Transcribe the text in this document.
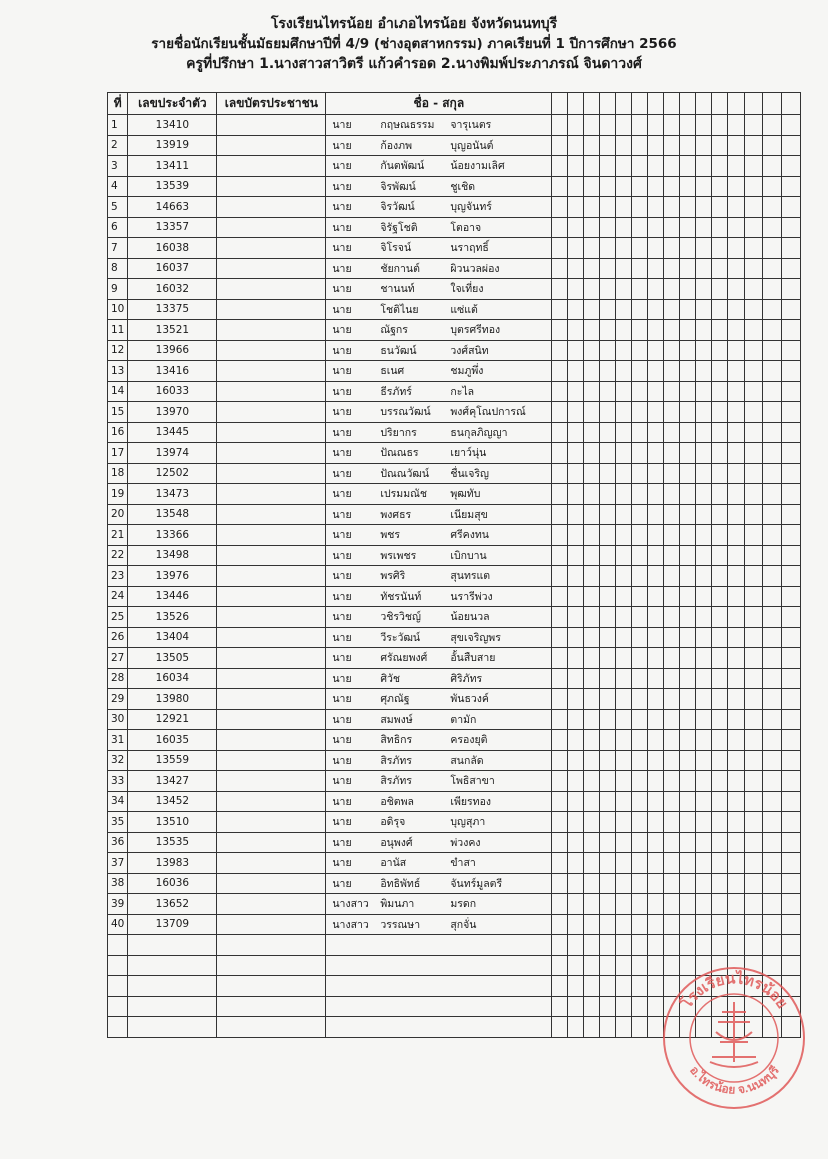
โรงเรียนไทรน้อย อำเภอไทรน้อย จังหวัดนนทบุรี
รายชื่อนักเรียนชั้นมัธยมศึกษาปีที่ 4/9 (ช่างอุตสาหกรรม) ภาคเรียนที่ 1 ปีการศึกษา 2566
ครูที่ปรึกษา 1.นางสาวสาวิตรี แก้วคำรอด 2.นางพิมพ์ประภาภรณ์ จินดาวงศ์
ที่	เลขประจำตัว	เลขบัตรประชาชน	ชื่อ - สกุล															
1	13410		นาย กฤษณธรรม จารุเนตร															

2	13919		นาย ก้องภพ บุญอนันต์															

3	13411		นาย กันตพัฒน์ น้อยงามเลิศ															

4	13539		นาย จิรพัฒน์ ชูเชิด															

5	14663		นาย จิรวัฒน์ บุญจันทร์															

6	13357		นาย จิรัฐโชติ โตอาจ															

7	16038		นาย จิโรจน์ นราฤทธิ์															

8	16037		นาย ชัยกานต์ ผิวนวลผ่อง															

9	16032		นาย ชานนท์ ใจเที่ยง															

10	13375		นาย โชติไนย แซ่แต้															

11	13521		นาย ณัฐกร บุตรศรีทอง															

12	13966		นาย ธนวัฒน์ วงศ์สนิท															

13	13416		นาย ธเนศ ชมภูพึ่ง															

14	16033		นาย ธีรภัทร์ กะไล															

15	13970		นาย บรรณวัฒน์ พงศ์คุโณปการณ์															

16	13445		นาย ปริยากร ธนกุลภิญญา															

17	13974		นาย ปัณณธร เยาว์นุ่น															

18	12502		นาย ปัณณวัฒน์ ชื่นเจริญ															

19	13473		นาย เปรมมณัช พุฒทับ															

20	13548		นาย พงศธร เนียมสุข															

21	13366		นาย พชร ศรีคงทน															

22	13498		นาย พรเพชร เบิกบาน															

23	13976		นาย พรศิริ สุนทรแต															

24	13446		นาย ทัชรนันท์ นรารีพ่วง															

25	13526		นาย วชิรวิชญ์ น้อยนวล															

26	13404		นาย วีระวัฒน์ สุขเจริญพร															

27	13505		นาย ศรัณยพงศ์ อั้นสืบสาย															

28	16034		นาย ศิวัช ศิริภัทร															

29	13980		นาย ศุภณัฐ พันธวงค์															

30	12921		นาย สมพงษ์ ตามัก															

31	16035		นาย สิทธิกร ครองยุติ															

32	13559		นาย สิรภัทร สนกลัด															

33	13427		นาย สิรภัทร โพธิสาขา															

34	13452		นาย อชิตพล เพียรทอง															

35	13510		นาย อดิรุจ บุญสุภา															

36	13535		นาย อนุพงศ์ พ่วงคง															

37	13983		นาย อานัส ขำสา															

38	16036		นาย อิทธิพัทธ์ จันทร์มูลตรี															

39	13652		นางสาว พิมนภา มรดก															

40	13709		นางสาว วรรณษา สุกจั่น															

โรงเรียนไทรน้อย
อ.ไทรน้อย จ.นนทบุรี
